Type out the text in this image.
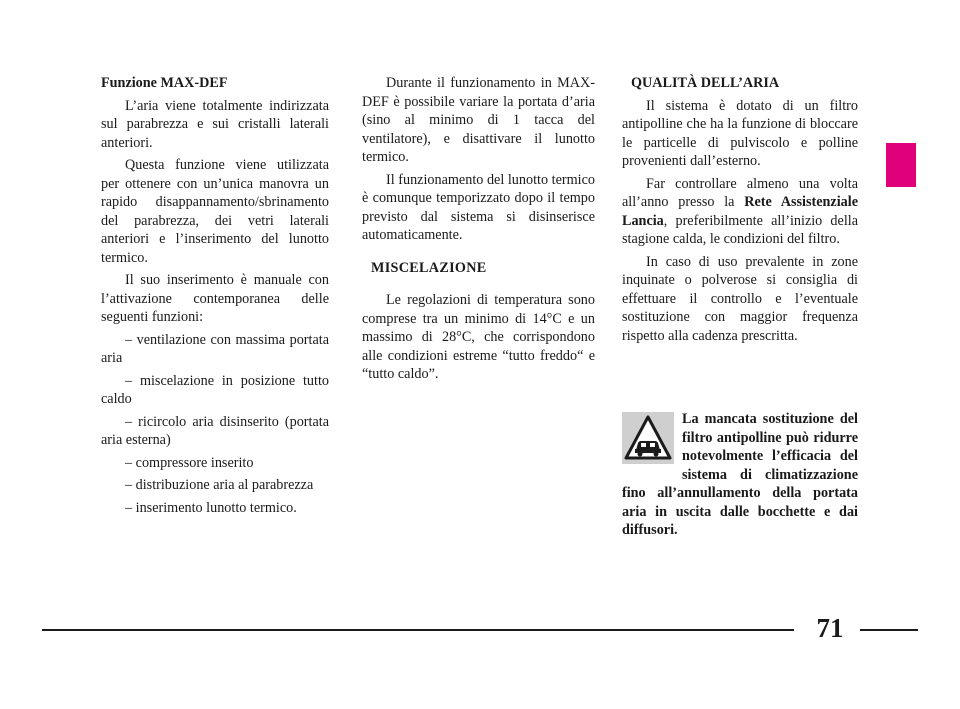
Funzione MAX-DEF

L’aria viene totalmente indirizzata sul parabrezza e sui cristalli laterali anteriori.

Questa funzione viene utilizzata per ottenere con un’unica manovra un rapido disappannamento/sbrinamento del parabrezza, dei vetri laterali anteriori e l’inserimento del lunotto termico.

Il suo inserimento è manuale con l’attivazione contemporanea delle seguenti funzioni:

– ventilazione con massima portata aria

– miscelazione in posizione tutto caldo

– ricircolo aria disinserito (portata aria esterna)

– compressore inserito

– distribuzione aria al parabrezza

– inserimento lunotto termico.

Durante il funzionamento in MAX-DEF è possibile variare la portata d’aria (sino al minimo di 1 tacca del ventilatore), e disattivare il lunotto termico.

Il funzionamento del lunotto termico è comunque temporizzato dopo il tempo previsto dal sistema si disinserisce automaticamente.

MISCELAZIONE

Le regolazioni di temperatura sono comprese tra un minimo di 14°C e un massimo di 28°C, che corrispondono alle condizioni estreme “tutto freddo“ e “tutto caldo”.

QUALITÀ DELL’ARIA

Il sistema è dotato di un filtro antipolline che ha la funzione di bloccare le particelle di pulviscolo e polline provenienti dall’esterno.

Far controllare almeno una volta all’anno presso la Rete Assistenziale Lancia, preferibilmente all’inizio della stagione calda, le condizioni del filtro.

In caso di uso prevalente in zone inquinate o polverose si consiglia di effettuare il controllo e l’eventuale sostituzione con maggior frequenza rispetto alla cadenza prescritta.

La mancata sostituzione del filtro antipolline può ridurre notevolmente l’efficacia del sistema di climatizzazione fino all’annullamento della portata aria in uscita dalle bocchette e dai diffusori.
71
